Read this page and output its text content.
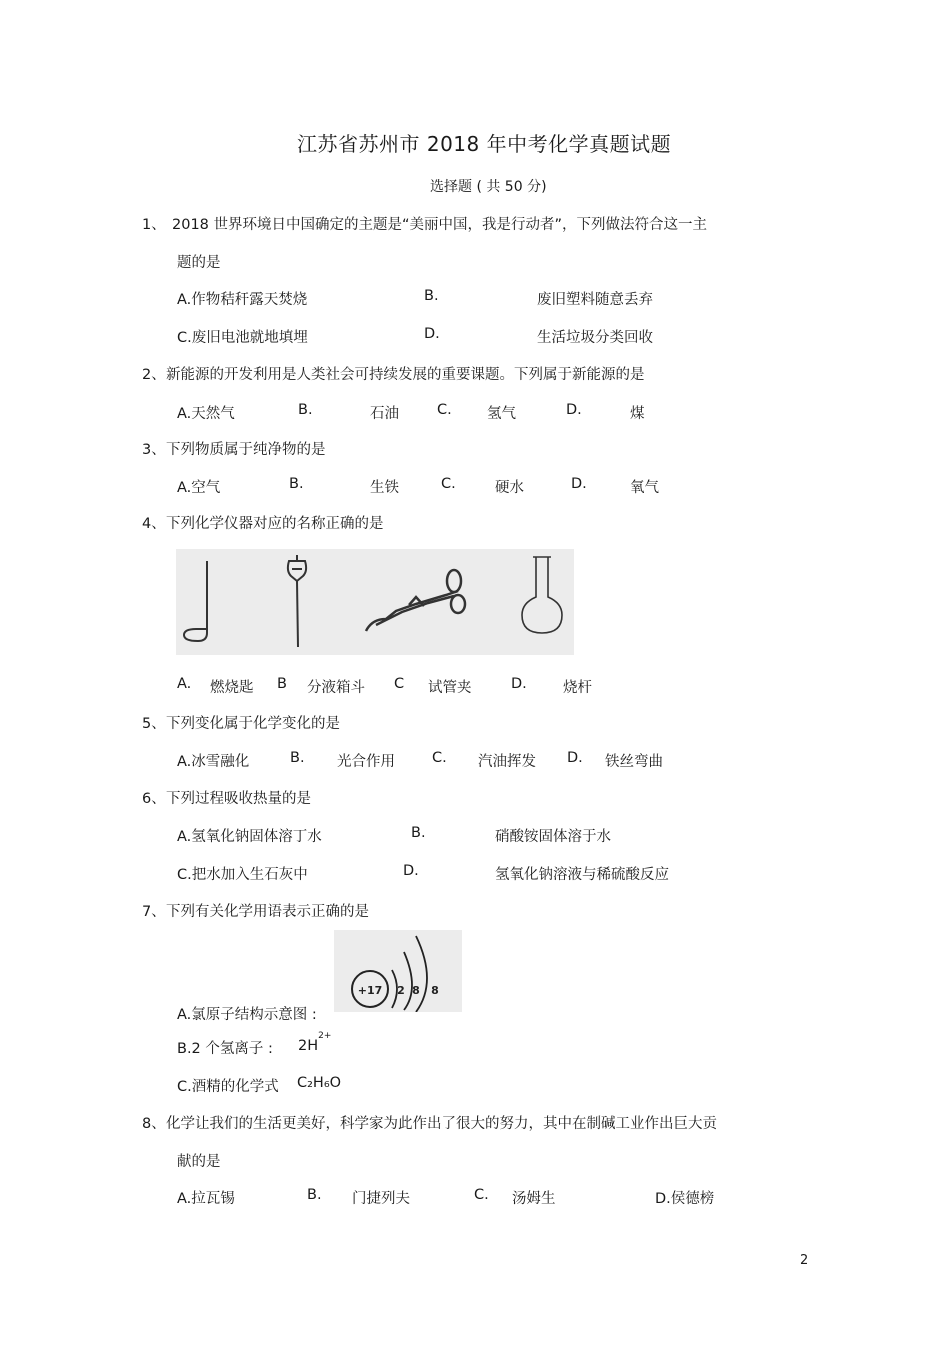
江苏省苏州市 2018 年中考化学真题试题
选择题 ( 共 50 分)
1、 2018 世界环境日中国确定的主题是“美丽中国，我是行动者”，下列做法符合这一主
题的是
A.作物秸秆露天焚烧	B.	废旧塑料随意丢弃
C.废旧电池就地填埋	D.	生活垃圾分类回收
2、 新能源的开发利用是人类社会可持续发展的重要课题。下列属于新能源的是
A.天然气	B.	石油	C. 氢气	D.	煤
3、 下列物质属于纯净物的是
A.空气	B.	生铁	C.	硬水	D.	氧气
4、 下列化学仪器对应的名称正确的是
A. 燃烧匙 B 分液箱斗 C 试管夹	D. 烧杆
5、 下列变化属于化学变化的是
A.冰雪融化	B. 光合作用	C. 汽油挥发 D. 铁丝弯曲
6、 下列过程吸收热量的是
A.氢氧化钠固体溶丁水	B.	硝酸铵固体溶于水
C.把水加入生石灰中	D.	氢氧化钠溶液与稀硫酸反应
7、 下列有关化学用语表示正确的是
+17 2 8 8
A.氯原子结构示意图 :
B.2 个氢离子 : $2H^{2+}$
C.酒精的化学式 C₂H₆O
8、 化学让我们的生活更美好，科学家为此作出了很大的努力，其中在制碱工业作出巨大贡
献的是
A.拉瓦锡	B. 门捷列夫	C. 汤姆生	D.侯德榜
2
